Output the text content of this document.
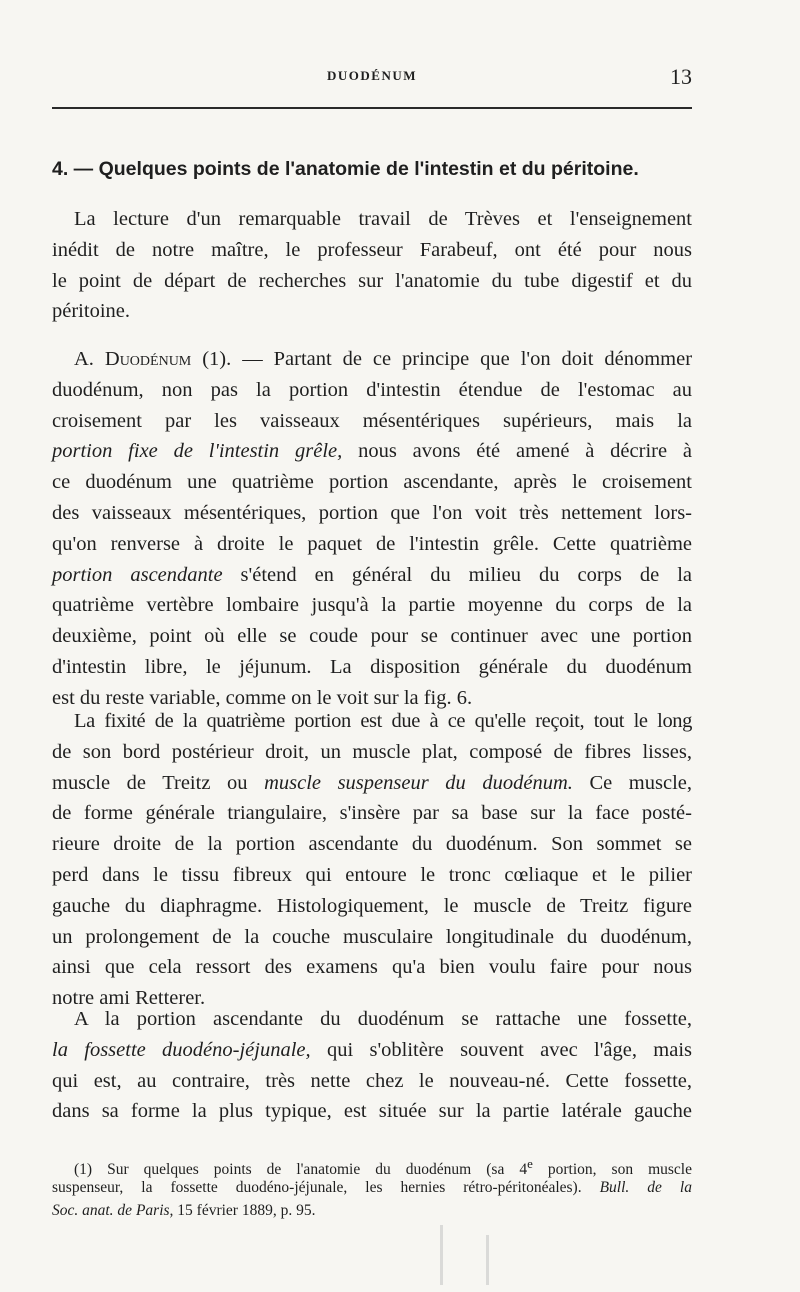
DUODÉNUM	13
4. — Quelques points de l'anatomie de l'intestin et du péritoine.
La lecture d'un remarquable travail de Trèves et l'enseignement
inédit de notre maître, le professeur Farabeuf, ont été pour nous
le point de départ de recherches sur l'anatomie du tube digestif et du
péritoine.
A. Duodénum (1). — Partant de ce principe que l'on doit dénommer
duodénum, non pas la portion d'intestin étendue de l'estomac au
croisement par les vaisseaux mésentériques supérieurs, mais la
portion fixe de l'intestin grêle, nous avons été amené à décrire à
ce duodénum une quatrième portion ascendante, après le croisement
des vaisseaux mésentériques, portion que l'on voit très nettement lors-
qu'on renverse à droite le paquet de l'intestin grêle. Cette quatrième
portion ascendante s'étend en général du milieu du corps de la
quatrième vertèbre lombaire jusqu'à la partie moyenne du corps de la
deuxième, point où elle se coude pour se continuer avec une portion
d'intestin libre, le jéjunum. La disposition générale du duodénum
est du reste variable, comme on le voit sur la fig. 6.
La fixité de la quatrième portion est due à ce qu'elle reçoit, tout le long
de son bord postérieur droit, un muscle plat, composé de fibres lisses,
muscle de Treitz ou muscle suspenseur du duodénum. Ce muscle,
de forme générale triangulaire, s'insère par sa base sur la face posté-
rieure droite de la portion ascendante du duodénum. Son sommet se
perd dans le tissu fibreux qui entoure le tronc cœliaque et le pilier
gauche du diaphragme. Histologiquement, le muscle de Treitz figure
un prolongement de la couche musculaire longitudinale du duodénum,
ainsi que cela ressort des examens qu'a bien voulu faire pour nous
notre ami Retterer.
A la portion ascendante du duodénum se rattache une fossette,
la fossette duodéno-jéjunale, qui s'oblitère souvent avec l'âge, mais
qui est, au contraire, très nette chez le nouveau-né. Cette fossette,
dans sa forme la plus typique, est située sur la partie latérale gauche
(1) Sur quelques points de l'anatomie du duodénum (sa 4e portion, son muscle
suspenseur, la fossette duodéno-jéjunale, les hernies rétro-péritonéales). Bull. de la
Soc. anat. de Paris, 15 février 1889, p. 95.
